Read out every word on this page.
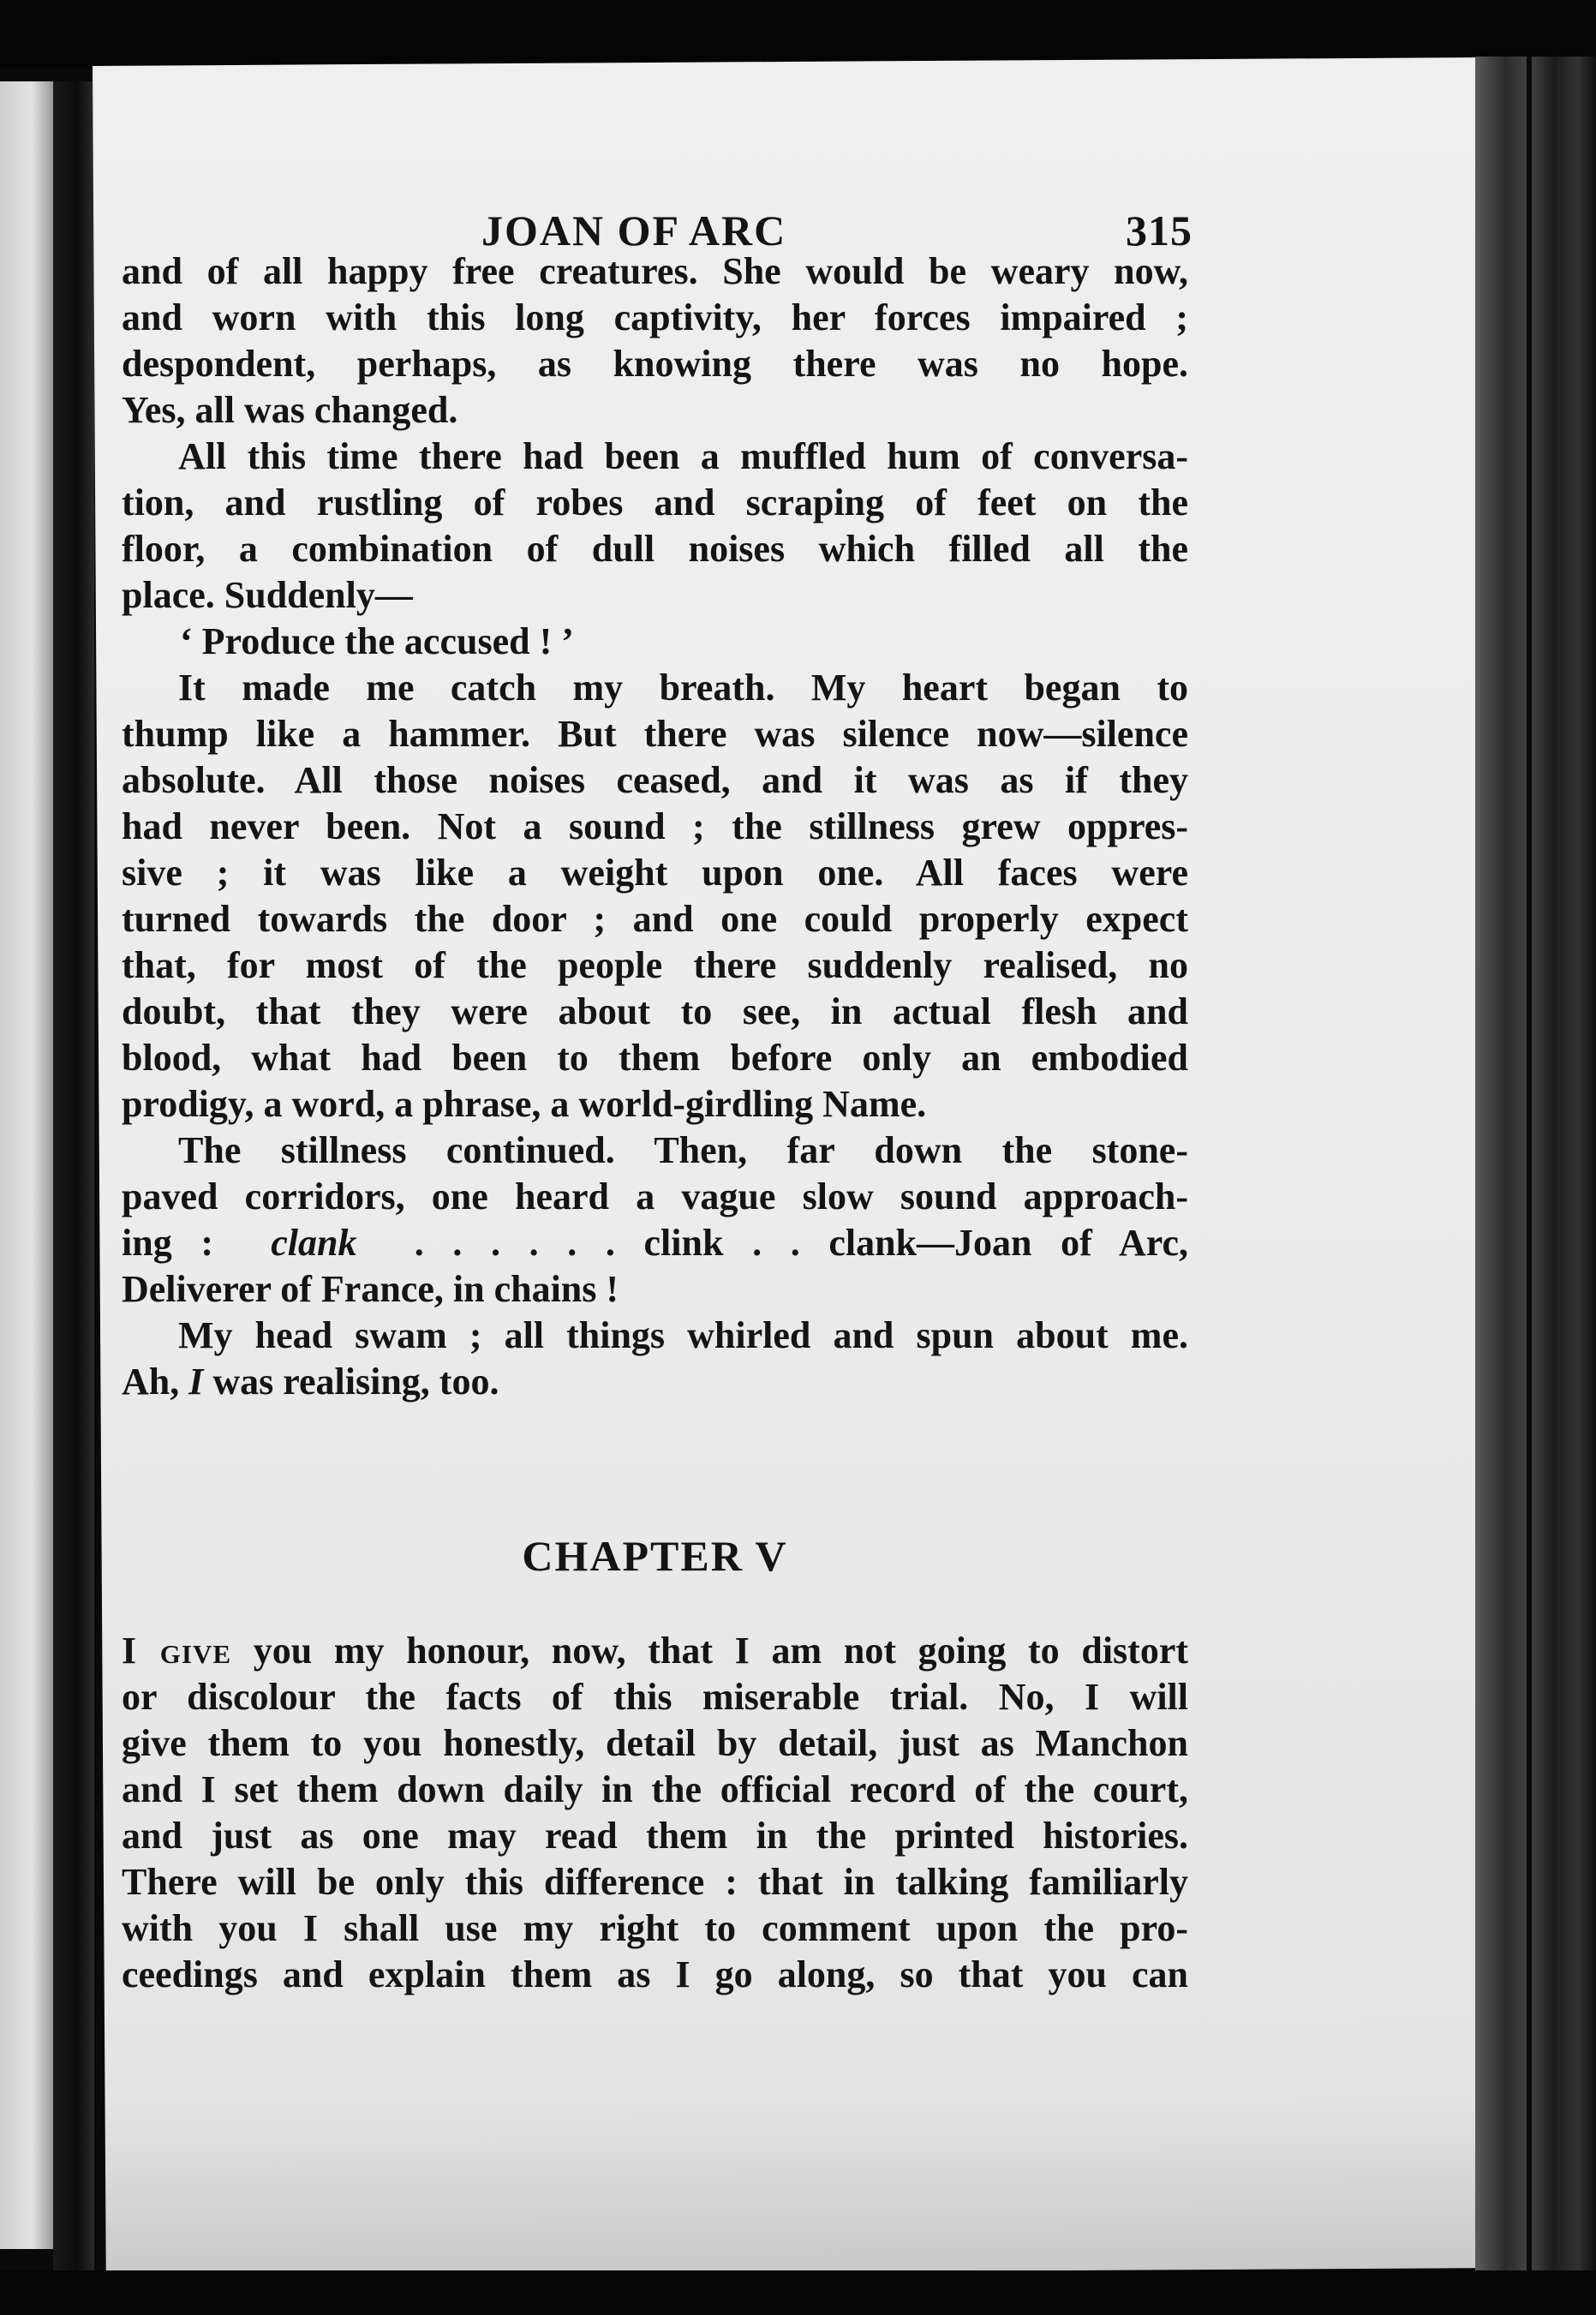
JOAN OF ARC	315

and of all happy free creatures. She would be weary now,
and worn with this long captivity, her forces impaired ;
despondent, perhaps, as knowing there was no hope.
Yes, all was changed.

All this time there had been a muffled hum of conversa-
tion, and rustling of robes and scraping of feet on the
floor, a combination of dull noises which filled all the
place. Suddenly—

‘ Produce the accused ! ’

It made me catch my breath. My heart began to
thump like a hammer. But there was silence now—silence
absolute. All those noises ceased, and it was as if they
had never been. Not a sound ; the stillness grew oppres-
sive ; it was like a weight upon one. All faces were
turned towards the door ; and one could properly expect
that, for most of the people there suddenly realised, no
doubt, that they were about to see, in actual flesh and
blood, what had been to them before only an embodied
prodigy, a word, a phrase, a world-girdling Name.

The stillness continued. Then, far down the stone-
paved corridors, one heard a vague slow sound approach-
ing : clank . . . . . . clink . . clank—Joan of Arc,
Deliverer of France, in chains !

My head swam ; all things whirled and spun about me.
Ah, I was realising, too.

CHAPTER V

I give you my honour, now, that I am not going to distort
or discolour the facts of this miserable trial. No, I will
give them to you honestly, detail by detail, just as Manchon
and I set them down daily in the official record of the court,
and just as one may read them in the printed histories.
There will be only this difference : that in talking familiarly
with you I shall use my right to comment upon the pro-
ceedings and explain them as I go along, so that you can
